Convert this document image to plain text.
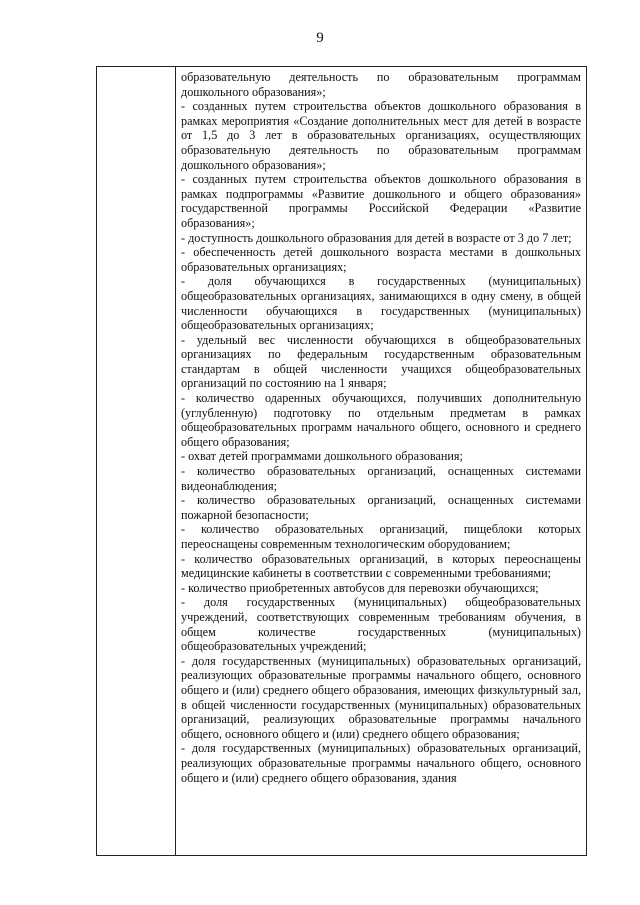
9

образовательную деятельность по образовательным программам дошкольного образования»;

- созданных путем строительства объектов дошкольного образования в рамках мероприятия «Создание дополнительных мест для детей в возрасте от 1,5 до 3 лет в образовательных организациях, осуществляющих образовательную деятельность по образовательным программам дошкольного образования»;

- созданных путем строительства объектов дошкольного образования в рамках подпрограммы «Развитие дошкольного и общего образования» государственной программы Российской Федерации «Развитие образования»;

- доступность дошкольного образования для детей в возрасте от 3 до 7 лет;

- обеспеченность детей дошкольного возраста местами в дошкольных образовательных организациях;

- доля обучающихся в государственных (муниципальных) общеобразовательных организациях, занимающихся в одну смену, в общей численности обучающихся в государственных (муниципальных) общеобразовательных организациях;

- удельный вес численности обучающихся в общеобразовательных организациях по федеральным государственным образовательным стандартам в общей численности учащихся общеобразовательных организаций по состоянию на 1 января;

- количество одаренных обучающихся, получивших дополнительную (углубленную) подготовку по отдельным предметам в рамках общеобразовательных программ начального общего, основного и среднего общего образования;

- охват детей программами дошкольного образования;

- количество образовательных организаций, оснащенных системами видеонаблюдения;

- количество образовательных организаций, оснащенных системами пожарной безопасности;

- количество образовательных организаций, пищеблоки которых переоснащены современным технологическим оборудованием;

- количество образовательных организаций, в которых переоснащены медицинские кабинеты в соответствии с современными требованиями;

- количество приобретенных автобусов для перевозки обучающихся;

- доля государственных (муниципальных) общеобразовательных учреждений, соответствующих современным требованиям обучения, в общем количестве государственных (муниципальных) общеобразовательных учреждений;

- доля государственных (муниципальных) образовательных организаций, реализующих образовательные программы начального общего, основного общего и (или) среднего общего образования, имеющих физкультурный зал, в общей численности государственных (муниципальных) образовательных организаций, реализующих образовательные программы начального общего, основного общего и (или) среднего общего образования;

- доля государственных (муниципальных) образовательных организаций, реализующих образовательные программы начального общего, основного общего и (или) среднего общего образования, здания
